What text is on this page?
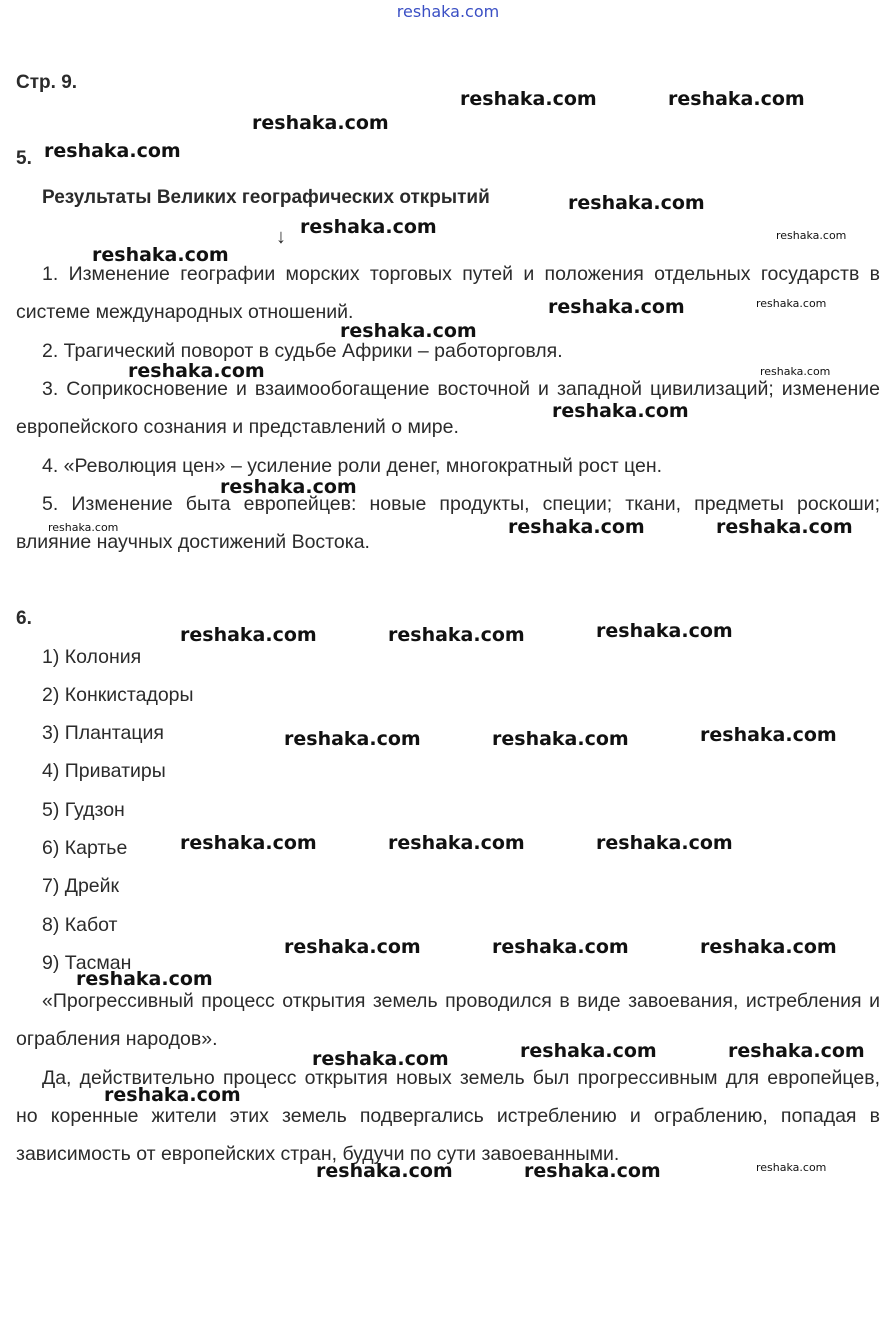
reshaka.com
Стр. 9.
5.
Результаты Великих географических открытий
↓

1. Изменение географии морских торговых путей и положения отдельных государств в системе международных отношений.

2. Трагический поворот в судьбе Африки – работорговля.

3. Соприкосновение и взаимообогащение восточной и западной цивилизаций; изменение европейского сознания и представлений о мире.

4. «Революция цен» – усиление роли денег, многократный рост цен.

5. Изменение быта европейцев: новые продукты, специи; ткани, предметы роскоши; влияние научных достижений Востока.

6.
1) Колония
2) Конкистадоры
3) Плантация
4) Приватиры
5) Гудзон
6) Картье
7) Дрейк
8) Кабот
9) Тасман

«Прогрессивный процесс открытия земель проводился в виде завоевания, истребления и ограбления народов».

Да, действительно процесс открытия новых земель был прогрессивным для европейцев, но коренные жители этих земель подвергались истреблению и ограблению, попадая в зависимость от европейских стран, будучи по сути завоеванными.

reshaka.com	reshaka.com
reshaka.com
reshaka.com
reshaka.com
reshaka.com	reshaka.com
reshaka.com
reshaka.com	reshaka.com
reshaka.com
reshaka.com	reshaka.com
reshaka.com
reshaka.com
reshaka.com	reshaka.com	reshaka.com
reshaka.com
reshaka.com	reshaka.com
reshaka.com
reshaka.com	reshaka.com
reshaka.com	reshaka.com	reshaka.com
reshaka.com	reshaka.com	reshaka.com
reshaka.com
reshaka.com	reshaka.com
reshaka.com
reshaka.com
reshaka.com
reshaka.com	reshaka.com
